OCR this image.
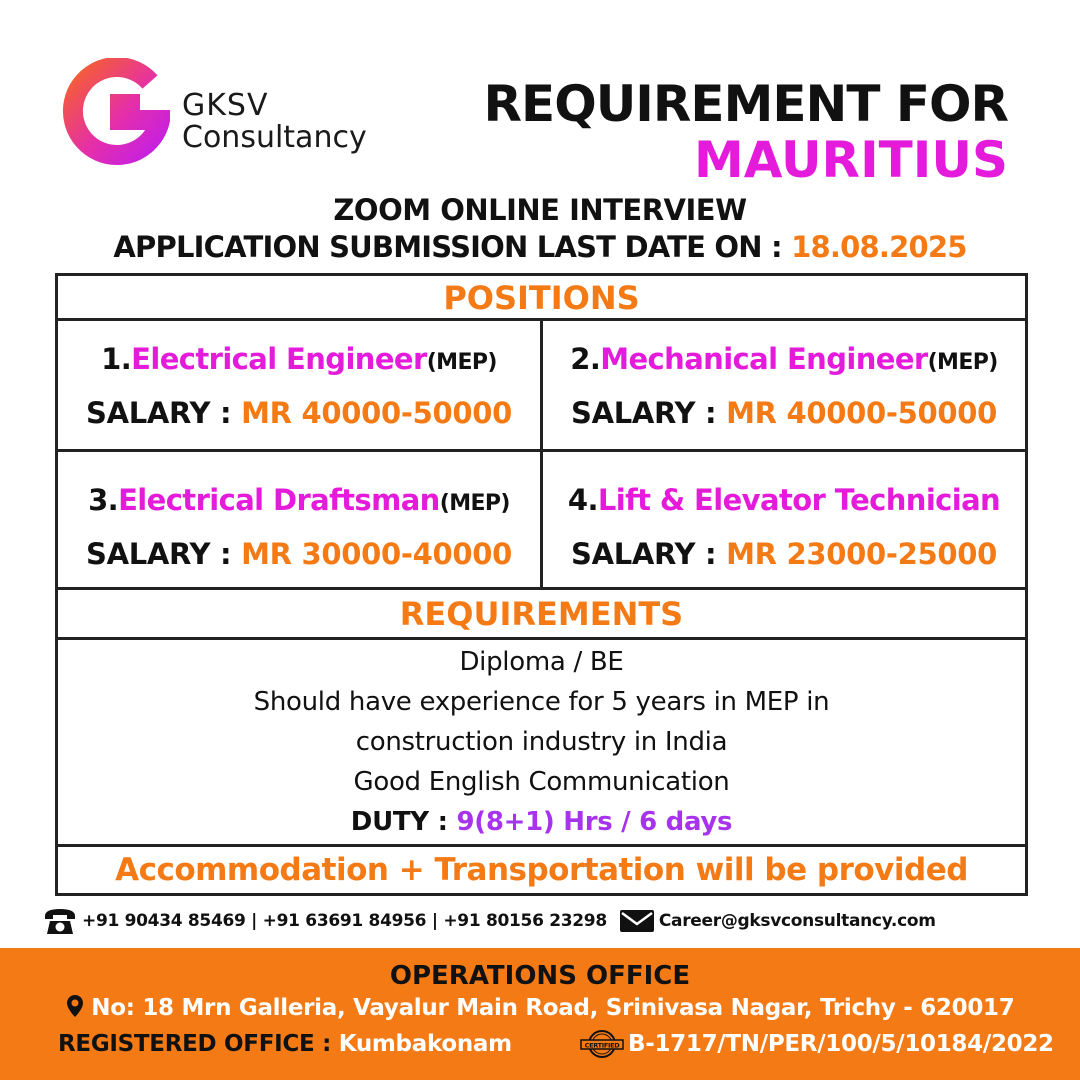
GKSV
Consultancy
REQUIREMENT FOR
MAURITIUS
ZOOM ONLINE INTERVIEW
APPLICATION SUBMISSION LAST DATE ON : 18.08.2025
POSITIONS
1.Electrical Engineer(MEP)
SALARY : MR 40000-50000
2.Mechanical Engineer(MEP)
SALARY : MR 40000-50000
3.Electrical Draftsman(MEP)
SALARY : MR 30000-40000
4.Lift & Elevator Technician
SALARY : MR 23000-25000
REQUIREMENTS
Diploma / BE
Should have experience for 5 years in MEP in
construction industry in India
Good English Communication
DUTY : 9(8+1) Hrs / 6 days
Accommodation + Transportation will be provided
+91 90434 85469 | +91 63691 84956 | +91 80156 23298	Career@gksvconsultancy.com
OPERATIONS OFFICE
No: 18 Mrn Galleria, Vayalur Main Road, Srinivasa Nagar, Trichy - 620017
REGISTERED OFFICE : Kumbakonam	CERTIFIED B-1717/TN/PER/100/5/10184/2022
